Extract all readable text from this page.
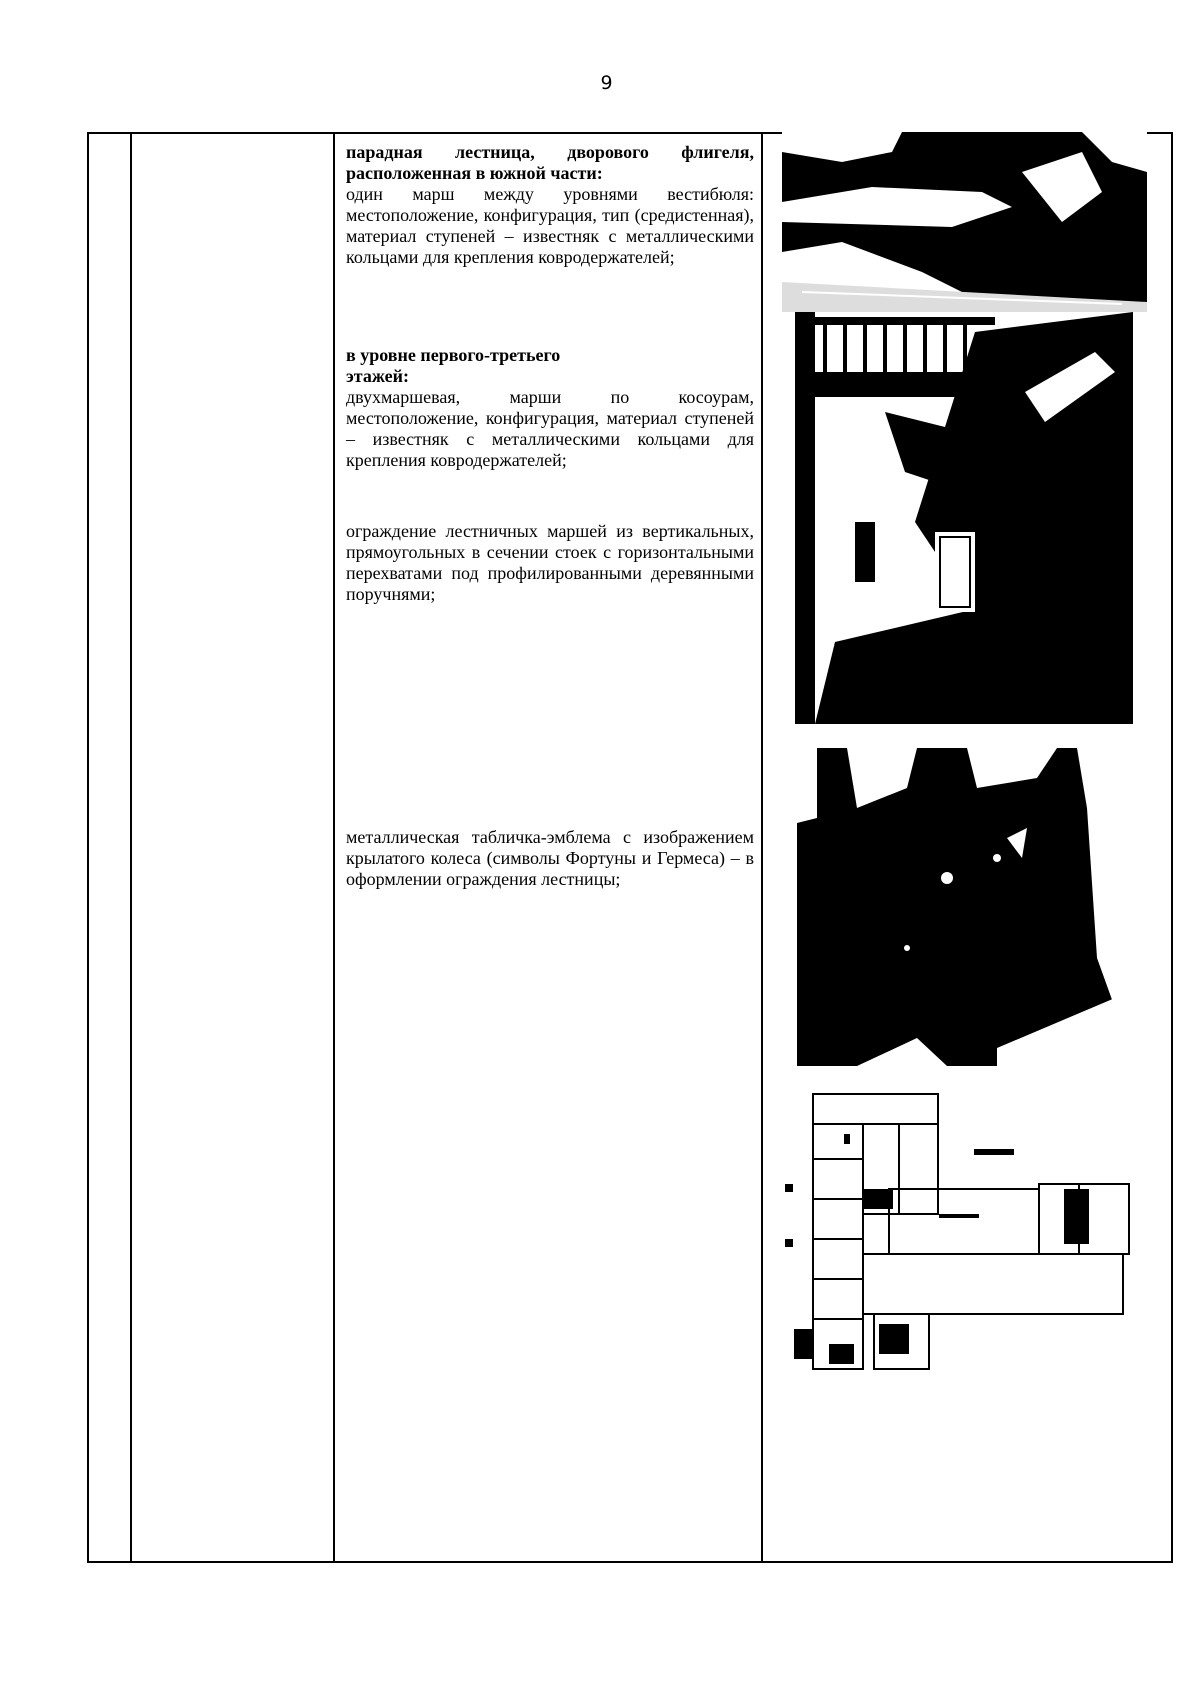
9

парадная лестница, дворового флигеля, расположенная в южной части:

один марш между уровнями вестибюля: местоположение, конфигурация, тип (средистенная), материал ступеней – известняк с металлическими кольцами для крепления ковродержателей;

в уровне первого-третьего

этажей:

двухмаршевая, марши по косоурам, местоположение, конфигурация, материал ступеней – известняк с металлическими кольцами для крепления ковродержателей;

ограждение лестничных маршей из вертикальных, прямоугольных в сечении стоек с горизонтальными перехватами под профилированными деревянными поручнями;

металлическая табличка-эмблема с изображением крылатого колеса (символы Фортуны и Гермеса) – в оформлении ограждения лестницы;
